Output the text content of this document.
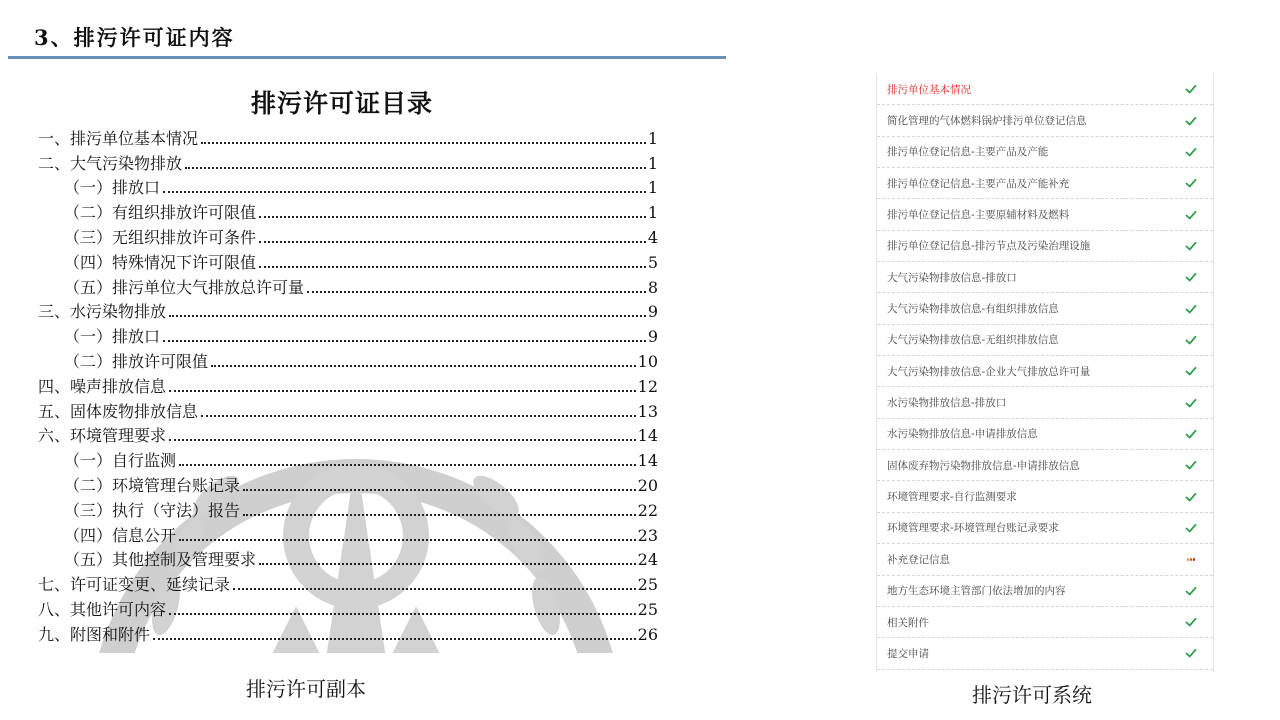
3、排污许可证内容
排污许可证目录
一、排污单位基本情况	1
二、大气污染物排放	1
（一）排放口	1
（二）有组织排放许可限值	1
（三）无组织排放许可条件	4
（四）特殊情况下许可限值	5
（五）排污单位大气排放总许可量	8
三、水污染物排放	9
（一）排放口	9
（二）排放许可限值	10
四、噪声排放信息	12
五、固体废物排放信息	13
六、环境管理要求	14
（一）自行监测	14
（二）环境管理台账记录	20
（三）执行（守法）报告	22
（四）信息公开	23
（五）其他控制及管理要求	24
七、许可证变更、延续记录	25
八、其他许可内容	25
九、附图和附件	26
排污许可副本
排污单位基本情况
简化管理的气体燃料锅炉排污单位登记信息
排污单位登记信息-主要产品及产能
排污单位登记信息-主要产品及产能补充
排污单位登记信息-主要原辅材料及燃料
排污单位登记信息-排污节点及污染治理设施
大气污染物排放信息-排放口
大气污染物排放信息-有组织排放信息
大气污染物排放信息-无组织排放信息
大气污染物排放信息-企业大气排放总许可量
水污染物排放信息-排放口
水污染物排放信息-申请排放信息
固体废弃物污染物排放信息-申请排放信息
环境管理要求-自行监测要求
环境管理要求-环境管理台账记录要求
补充登记信息
地方生态环境主管部门依法增加的内容
相关附件
提交申请
排污许可系统
